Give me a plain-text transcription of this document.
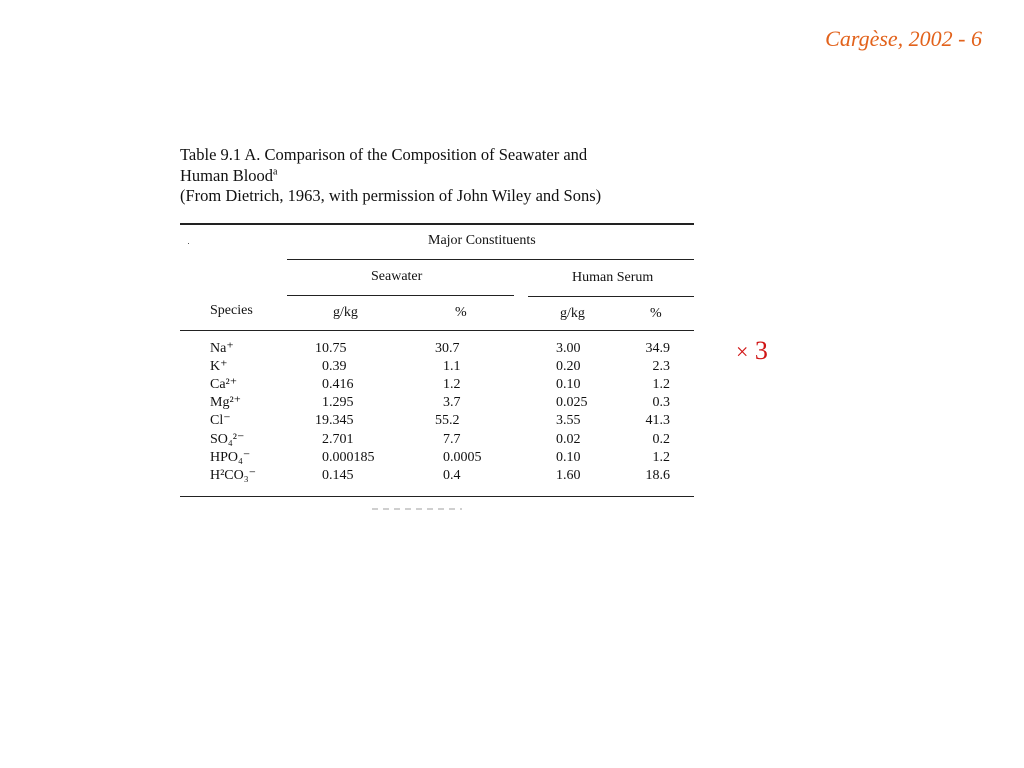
Cargèse, 2002 - 6
Table 9.1 A. Comparison of the Composition of Seawater and
Human Blood$^a$
(From Dietrich, 1963, with permission of John Wiley and Sons)
Major Constituents
Seawater	Human Serum
Species	g/kg	%	g/kg	%
Na⁺	10.75	30.7	3.00	34.9
K⁺	0.39	1.1	0.20	2.3
Ca²⁺	0.416	1.2	0.10	1.2
Mg²⁺	1.295	3.7	0.025	0.3
Cl⁻	19.345	55.2	3.55	41.3
SO₄²⁻	2.701	7.7	0.02	0.2
HPO₄⁻	0.000185	0.0005	0.10	1.2
H²CO₃⁻	0.145	0.4	1.60	18.6
× 3
